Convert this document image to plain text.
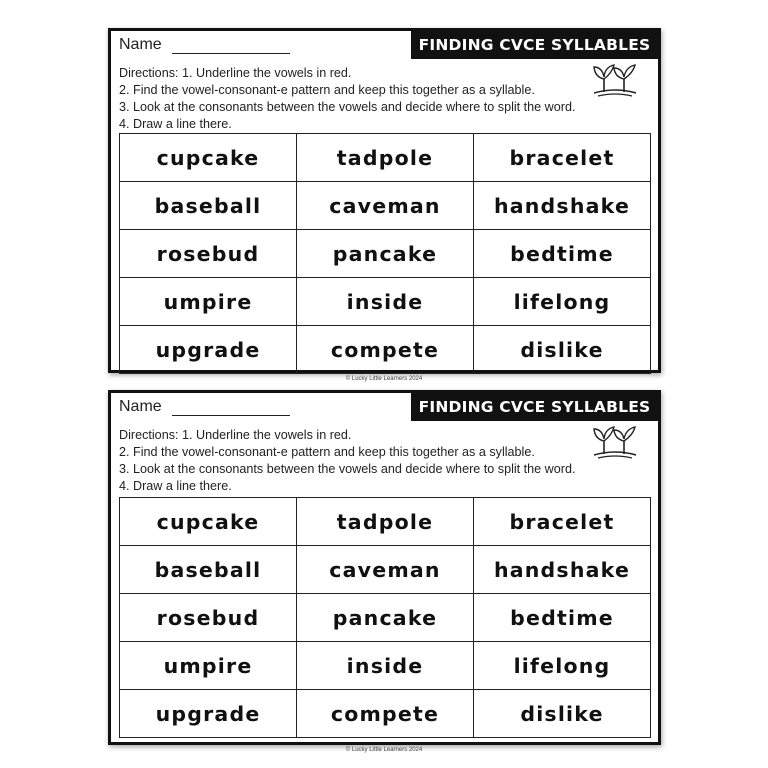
Name	FINDING CVCE SYLLABLES
Directions: 1. Underline the vowels in red.
2. Find the vowel-consonant-e pattern and keep this together as a syllable.
3. Look at the consonants between the vowels and decide where to split the word.
4. Draw a line there.
cupcake	tadpole	bracelet
baseball	caveman	handshake
rosebud	pancake	bedtime
umpire	inside	lifelong
upgrade	compete	dislike
© Lucky Little Learners 2024
Name	FINDING CVCE SYLLABLES
Directions: 1. Underline the vowels in red.
2. Find the vowel-consonant-e pattern and keep this together as a syllable.
3. Look at the consonants between the vowels and decide where to split the word.
4. Draw a line there.
cupcake	tadpole	bracelet
baseball	caveman	handshake
rosebud	pancake	bedtime
umpire	inside	lifelong
upgrade	compete	dislike
© Lucky Little Learners 2024
